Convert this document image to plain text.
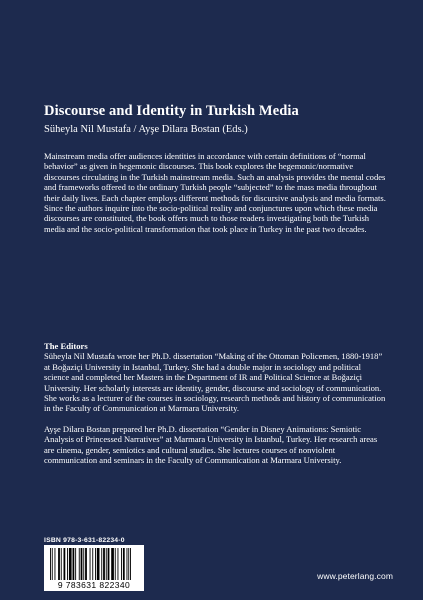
Discourse and Identity in Turkish Media
Süheyla Nil Mustafa / Ayşe Dilara Bostan (Eds.)
Mainstream media offer audiences identities in accordance with certain definitions of “normal behavior” as given in hegemonic discourses. This book explores the hegemonic/normative discourses circulating in the Turkish mainstream media. Such an analysis provides the mental codes and frameworks offered to the ordinary Turkish people “subjected” to the mass media throughout their daily lives. Each chapter employs different methods for discursive analysis and media formats. Since the authors inquire into the socio-political reality and conjunctures upon which these media discourses are constituted, the book offers much to those readers investigating both the Turkish media and the socio-political transformation that took place in Turkey in the past two decades.
The Editors

Süheyla Nil Mustafa wrote her Ph.D. dissertation “Making of the Ottoman Policemen, 1880-1918” at Boğaziçi University in Istanbul, Turkey. She had a double major in sociology and political science and completed her Masters in the Department of IR and Political Science at Boğaziçi University. Her scholarly interests are identity, gender, discourse and sociology of communication. She works as a lecturer of the courses in sociology, research methods and history of communication in the Faculty of Communication at Marmara University.

Ayşe Dilara Bostan prepared her Ph.D. dissertation “Gender in Disney Animations: Semiotic Analysis of Princessed Narratives” at Marmara University in Istanbul, Turkey. Her research areas are cinema, gender, semiotics and cultural studies. She lectures courses of nonviolent communication and seminars in the Faculty of Communication at Marmara University.

ISBN 978-3-631-82234-0
9 783631 822340
www.peterlang.com
